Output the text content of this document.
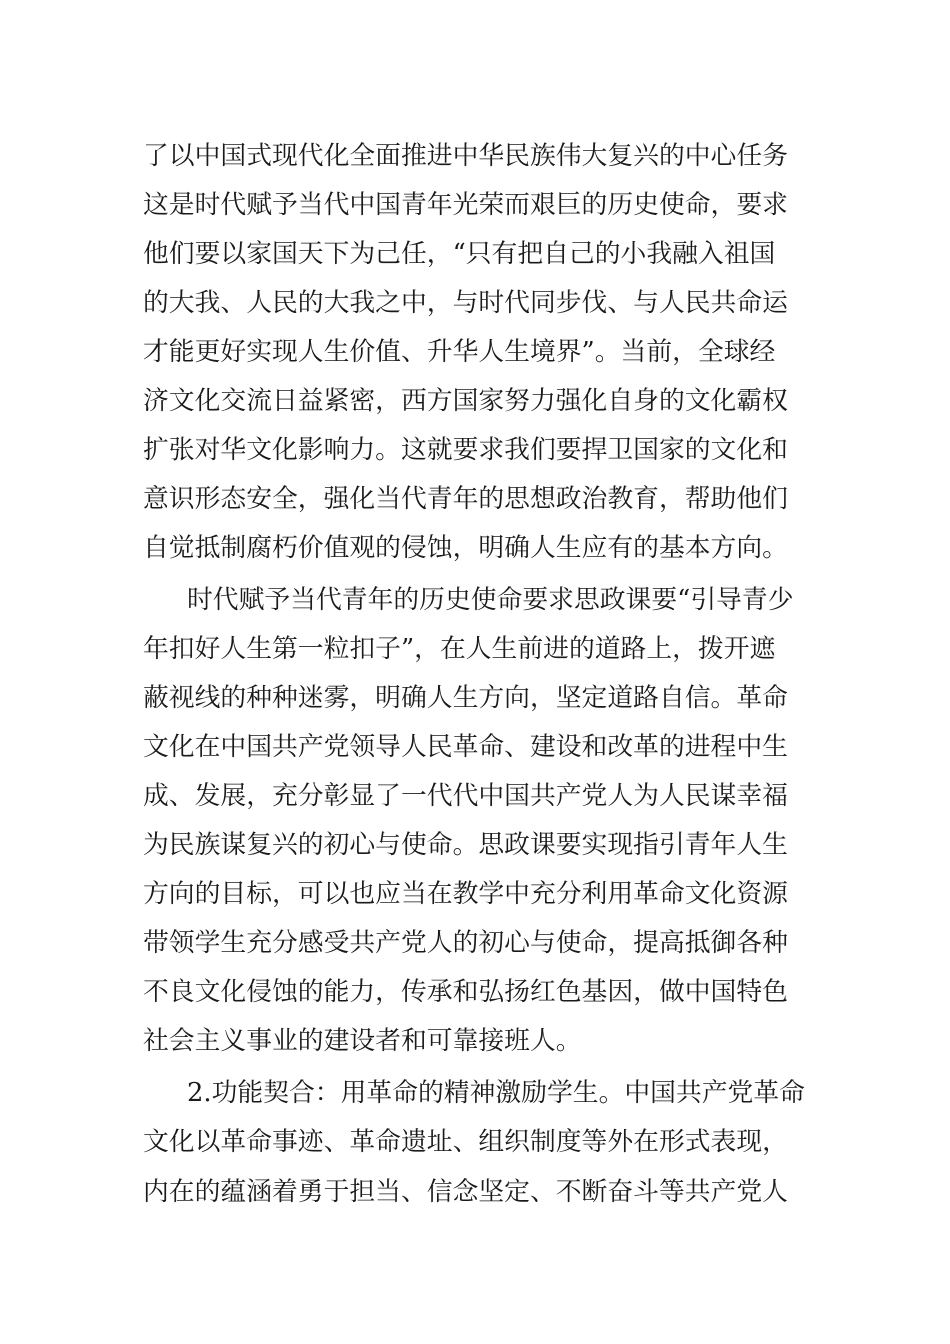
了以中国式现代化全面推进中华民族伟大复兴的中心任务
这是时代赋予当代中国青年光荣而艰巨的历史使命，要求
他们要以家国天下为己任，“只有把自己的小我融入祖国
的大我、人民的大我之中，与时代同步伐、与人民共命运
才能更好实现人生价值、升华人生境界”。当前，全球经
济文化交流日益紧密，西方国家努力强化自身的文化霸权
扩张对华文化影响力。这就要求我们要捍卫国家的文化和
意识形态安全，强化当代青年的思想政治教育，帮助他们
自觉抵制腐朽价值观的侵蚀，明确人生应有的基本方向。
时代赋予当代青年的历史使命要求思政课要“引导青少
年扣好人生第一粒扣子”，在人生前进的道路上，拨开遮
蔽视线的种种迷雾，明确人生方向，坚定道路自信。革命
文化在中国共产党领导人民革命、建设和改革的进程中生
成、发展，充分彰显了一代代中国共产党人为人民谋幸福
为民族谋复兴的初心与使命。思政课要实现指引青年人生
方向的目标，可以也应当在教学中充分利用革命文化资源
带领学生充分感受共产党人的初心与使命，提高抵御各种
不良文化侵蚀的能力，传承和弘扬红色基因，做中国特色
社会主义事业的建设者和可靠接班人。
2.功能契合：用革命的精神激励学生。中国共产党革命
文化以革命事迹、革命遗址、组织制度等外在形式表现，
内在的蕴涵着勇于担当、信念坚定、不断奋斗等共产党人
